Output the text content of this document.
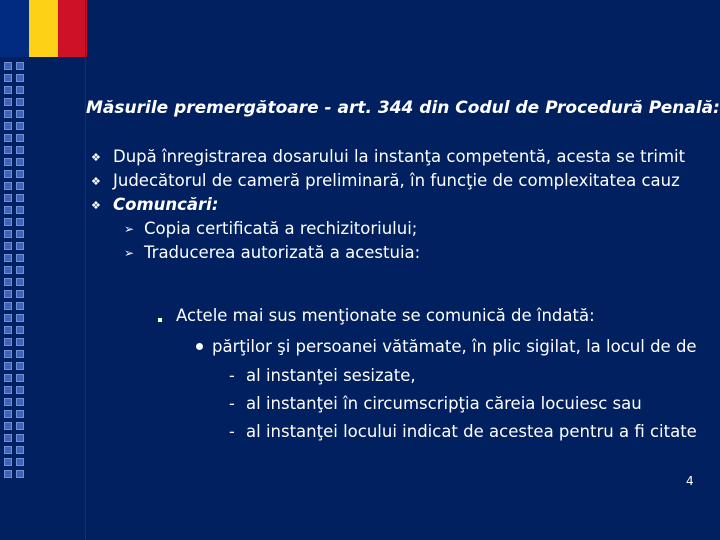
Măsurile premergătoare - art. 344 din Codul de Procedură Penală:
❖ După înregistrarea dosarului la instanţa competentă, acesta se trimit
❖ Judecătorul de cameră preliminară, în funcţie de complexitatea cauz
❖ Comuncări:
➢ Copia certificată a rechizitoriului;
➢ Traducerea autorizată a acestuia:
Actele mai sus menţionate se comunică de îndată:
părţilor şi persoanei vătămate, în plic sigilat, la locul de de
- al instanţei sesizate,
- al instanţei în circumscripţia căreia locuiesc sau
- al instanţei locului indicat de acestea pentru a fi citate
4
